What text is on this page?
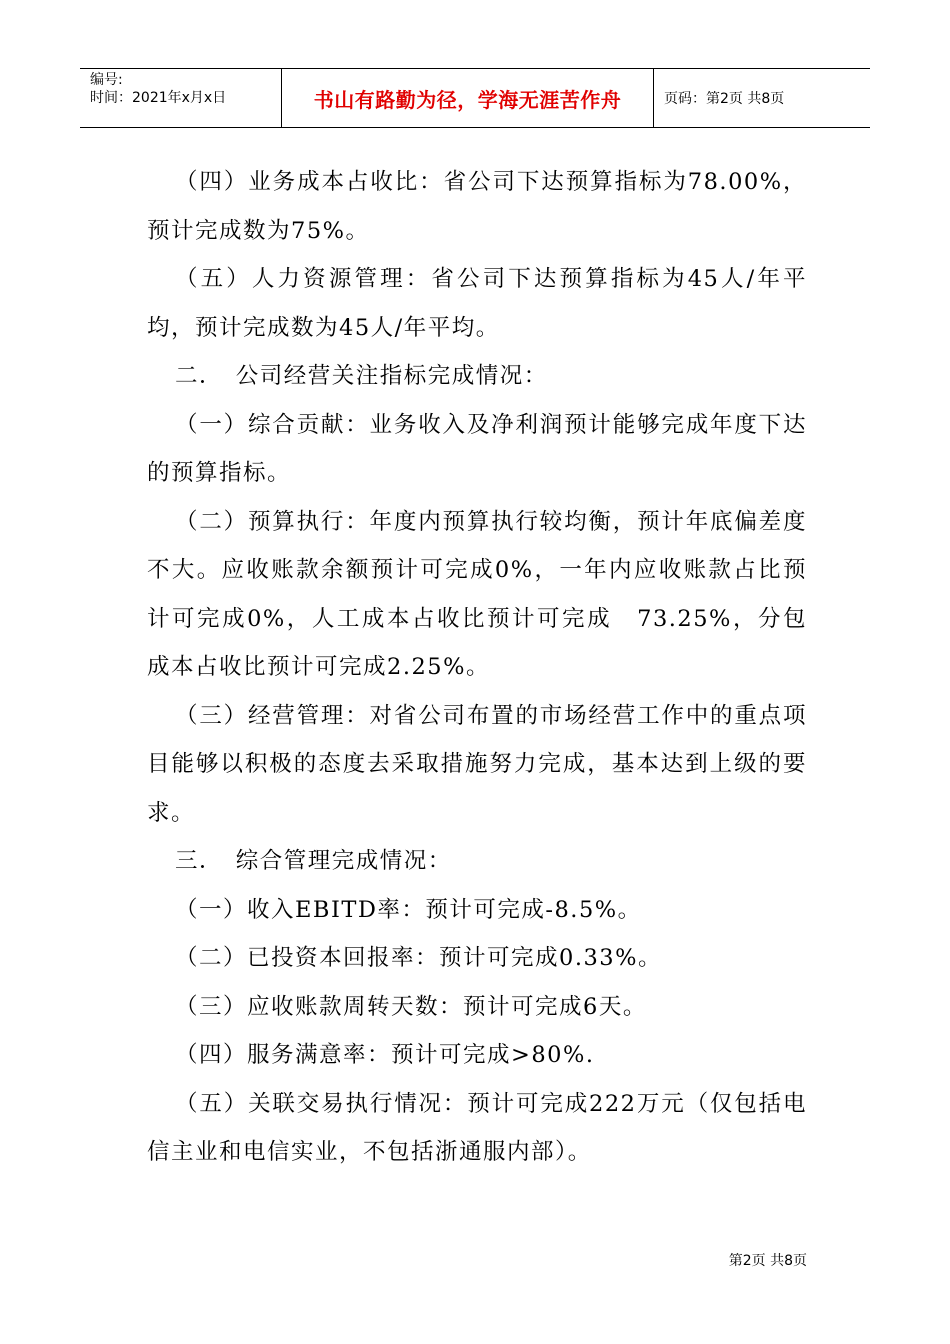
编号:
时间：2021年x月x日	书山有路勤为径，学海无涯苦作舟	页码：第2页 共8页

（四）业务成本占收比：省公司下达预算指标为78.00%，预计完成数为75%。

（五）人力资源管理：省公司下达预算指标为45人/年平均，预计完成数为45人/年平均。

二．　公司经营关注指标完成情况：

（一）综合贡献：业务收入及净利润预计能够完成年度下达的预算指标。

（二）预算执行：年度内预算执行较均衡，预计年底偏差度不大。应收账款余额预计可完成0%，一年内应收账款占比预计可完成0%，人工成本占收比预计可完成　73.25%，分包成本占收比预计可完成2.25%。

（三）经营管理：对省公司布置的市场经营工作中的重点项目能够以积极的态度去采取措施努力完成，基本达到上级的要求。

三．　综合管理完成情况：

（一）收入EBITD率：预计可完成-8.5%。

（二）已投资本回报率：预计可完成0.33%。

（三）应收账款周转天数：预计可完成6天。

（四）服务满意率：预计可完成>80%.

（五）关联交易执行情况：预计可完成222万元（仅包括电信主业和电信实业，不包括浙通服内部）。

第2页 共8页
